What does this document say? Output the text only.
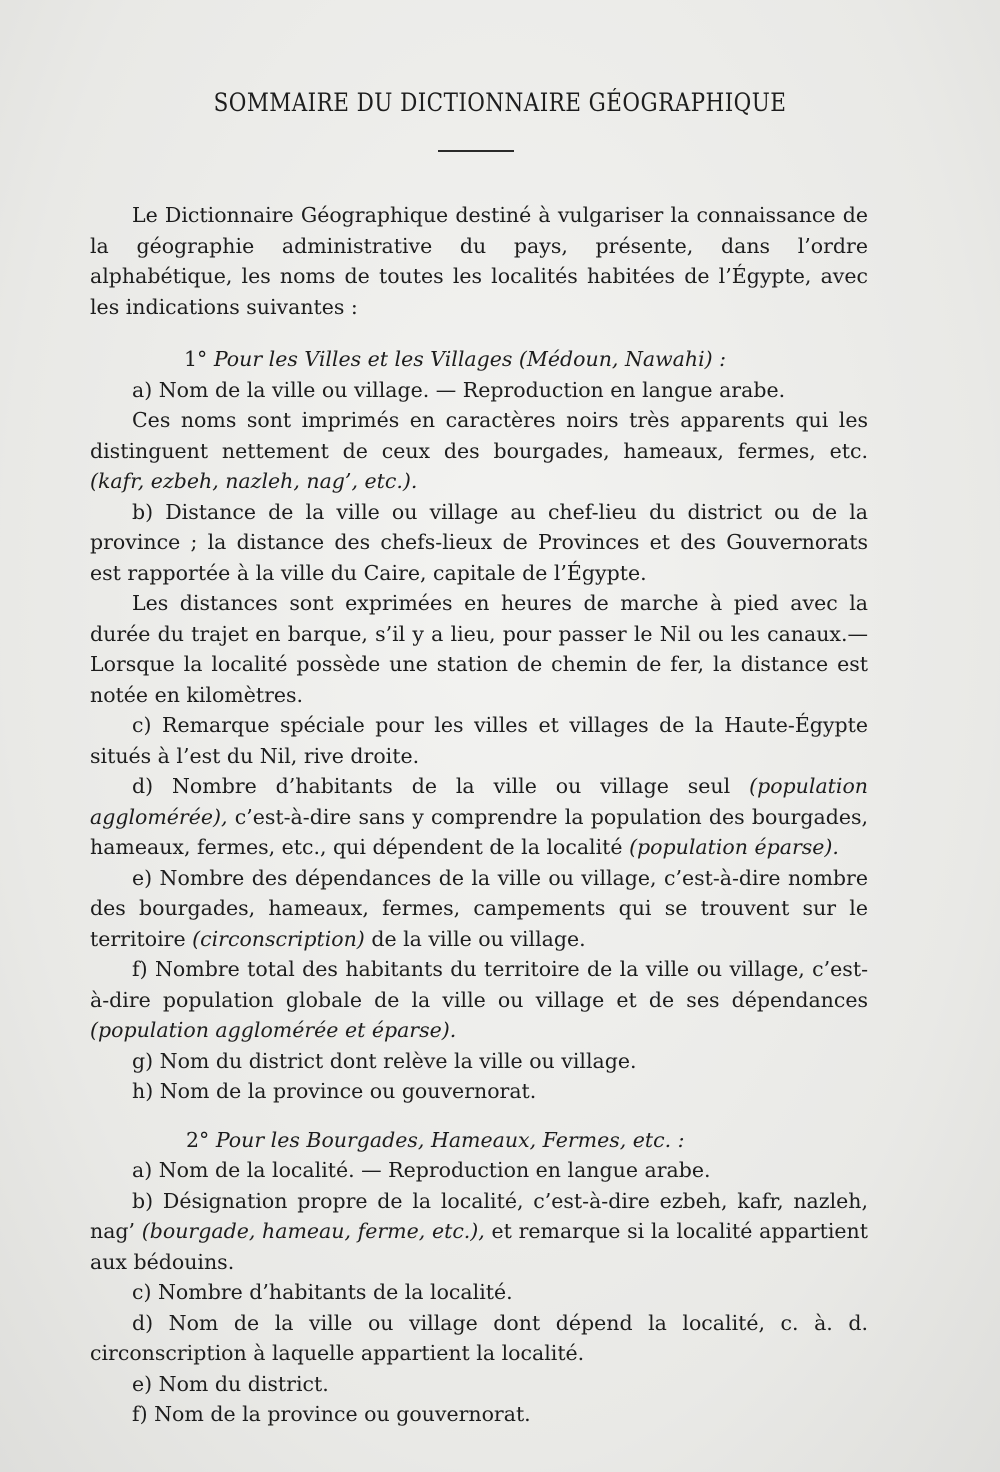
SOMMAIRE DU DICTIONNAIRE GÉOGRAPHIQUE

Le Dictionnaire Géographique destiné à vulgariser la connaissance de la géographie administrative du pays, présente, dans l’ordre alphabétique, les noms de toutes les localités habitées de l’Égypte, avec les indications suivantes :

1° Pour les Villes et les Villages (Médoun, Nawahi) :

a) Nom de la ville ou village. — Reproduction en langue arabe.

Ces noms sont imprimés en caractères noirs très apparents qui les distinguent nettement de ceux des bourgades, hameaux, fermes, etc. (kafr, ezbeh, nazleh, nag’, etc.).

b) Distance de la ville ou village au chef-lieu du district ou de la province ; la distance des chefs-lieux de Provinces et des Gouvernorats est rapportée à la ville du Caire, capitale de l’Égypte.

Les distances sont exprimées en heures de marche à pied avec la durée du trajet en barque, s’il y a lieu, pour passer le Nil ou les canaux.— Lorsque la localité possède une station de chemin de fer, la distance est notée en kilomètres.

c) Remarque spéciale pour les villes et villages de la Haute-Égypte situés à l’est du Nil, rive droite.

d) Nombre d’habitants de la ville ou village seul (population agglomérée), c’est-à-dire sans y comprendre la population des bourgades, hameaux, fermes, etc., qui dépendent de la localité (population éparse).

e) Nombre des dépendances de la ville ou village, c’est-à-dire nombre des bourgades, hameaux, fermes, campements qui se trouvent sur le territoire (circonscription) de la ville ou village.

f) Nombre total des habitants du territoire de la ville ou village, c’est-à-dire population globale de la ville ou village et de ses dépendances (population agglomérée et éparse).

g) Nom du district dont relève la ville ou village.

h) Nom de la province ou gouvernorat.

2° Pour les Bourgades, Hameaux, Fermes, etc. :

a) Nom de la localité. — Reproduction en langue arabe.

b) Désignation propre de la localité, c’est-à-dire ezbeh, kafr, nazleh, nag’ (bourgade, hameau, ferme, etc.), et remarque si la localité appartient aux bédouins.

c) Nombre d’habitants de la localité.

d) Nom de la ville ou village dont dépend la localité, c. à. d. circonscription à laquelle appartient la localité.

e) Nom du district.

f) Nom de la province ou gouvernorat.
